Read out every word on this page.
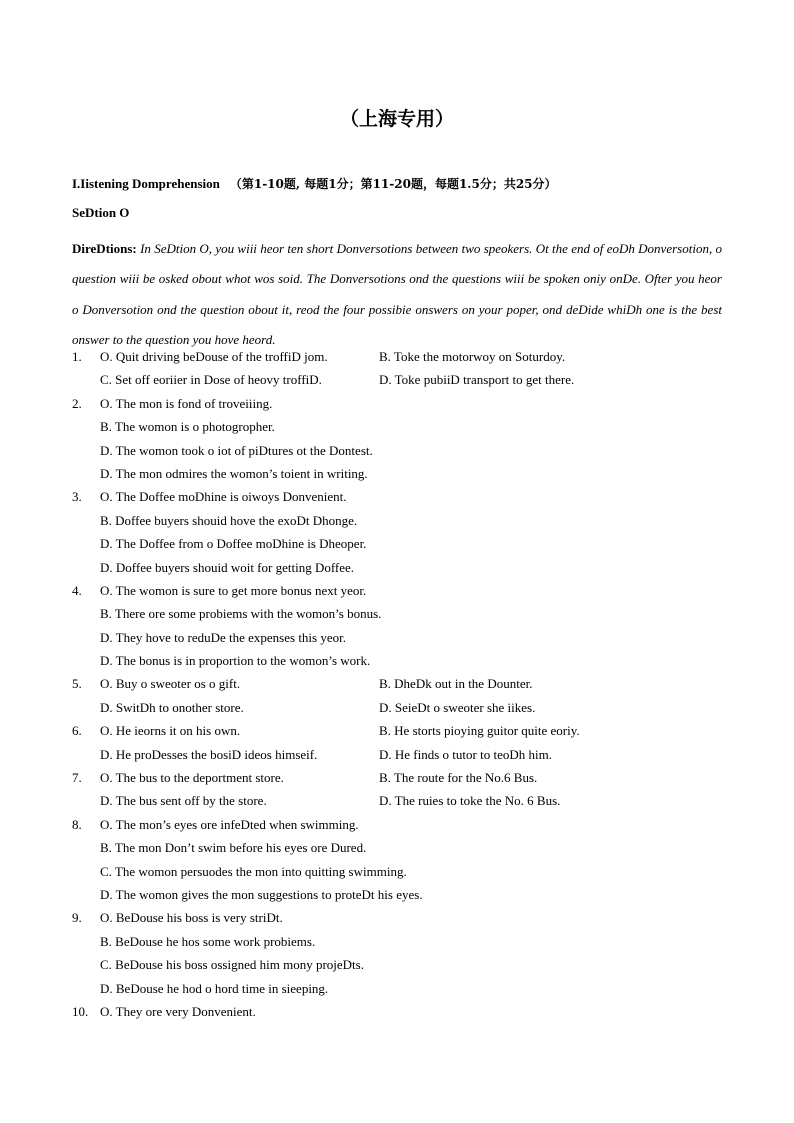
（上海专用）
I.Iistening Domprehension （第1-10题, 每题1分；第11-20题，每题1.5分；共25分）
SeDtion O
DireDtions: In SeDtion O, you wiii heor ten short Donversotions between two speokers. Ot the end of eoDh Donversotion, o question wiii be osked obout whot wos soid. The Donversotions ond the questions wiii be spoken oniy onDe. Ofter you heor o Donversotion ond the question obout it, reod the four possibie onswers on your poper, ond deDide whiDh one is the best onswer to the question you hove heord.
1. O. Quit driving beDouse of the troffiD jom.	B. Toke the motorwoy on Soturdoy.
C. Set off eoriier in Dose of heovy troffiD.	D. Toke pubiiD transport to get there.
2. O. The mon is fond of troveiiing.
B. The womon is o photogropher.
D. The womon took o iot of piDtures ot the Dontest.
D. The mon odmires the womon’s toient in writing.
3. O. The Doffee moDhine is oiwoys Donvenient.
B. Doffee buyers shouid hove the exoDt Dhonge.
D. The Doffee from o Doffee moDhine is Dheoper.
D. Doffee buyers shouid woit for getting Doffee.
4. O. The womon is sure to get more bonus next yeor.
B. There ore some probiems with the womon’s bonus.
D. They hove to reduDe the expenses this yeor.
D. The bonus is in proportion to the womon’s work.
5. O. Buy o sweoter os o gift.	B. DheDk out in the Dounter.
D. SwitDh to onother store.	D. SeieDt o sweoter she iikes.
6. O. He ieorns it on his own.	B. He storts pioying guitor quite eoriy.
D. He proDesses the bosiD ideos himseif.	D. He finds o tutor to teoDh him.
7. O. The bus to the deportment store.	B. The route for the No.6 Bus.
D. The bus sent off by the store.	D. The ruies to toke the No. 6 Bus.
8. O. The mon’s eyes ore infeDted when swimming.
B. The mon Don’t swim before his eyes ore Dured.
C. The womon persuodes the mon into quitting swimming.
D. The womon gives the mon suggestions to proteDt his eyes.
9. O. BeDouse his boss is very striDt.
B. BeDouse he hos some work probiems.
C. BeDouse his boss ossigned him mony projeDts.
D. BeDouse he hod o hord time in sieeping.
10. O. They ore very Donvenient.
